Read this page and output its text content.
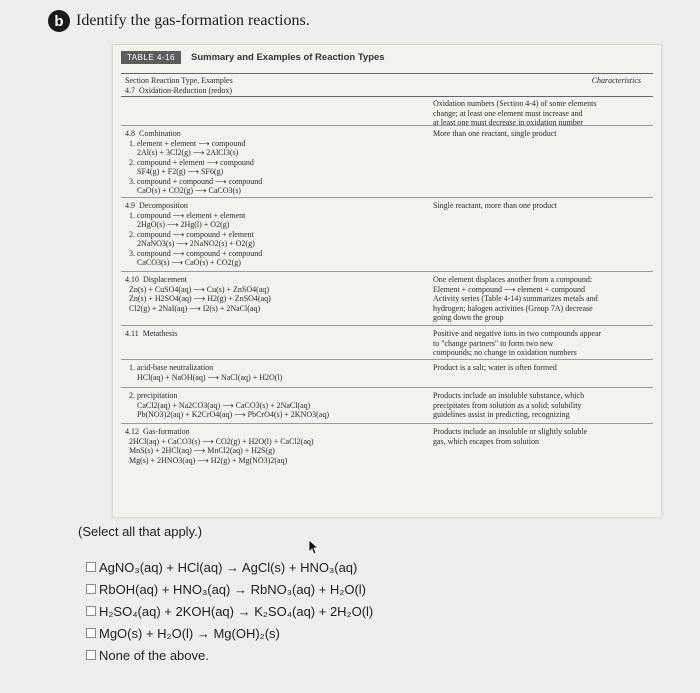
b Identify the gas-formation reactions.
TABLE 4-16	Summary and Examples of Reaction Types
Section Reaction Type, Examples
4.7  Oxidation-Reduction (redox)
Characteristics
Oxidation numbers (Section 4-4) of some elements
change; at least one element must increase and
at least one must decrease in oxidation number
4.8  Combination
1. element + element ⟶ compound
2Al(s) + 3Cl2(g) ⟶ 2AlCl3(s)
2. compound + element ⟶ compound
SF4(g) + F2(g) ⟶ SF6(g)
3. compound + compound ⟶ compound
CaO(s) + CO2(g) ⟶ CaCO3(s)
More than one reactant, single product
4.9  Decomposition
1. compound ⟶ element + element
2HgO(s) ⟶ 2Hg(l) + O2(g)
2. compound ⟶ compound + element
2NaNO3(s) ⟶ 2NaNO2(s) + O2(g)
3. compound ⟶ compound + compound
CaCO3(s) ⟶ CaO(s) + CO2(g)
Single reactant, more than one product
4.10  Displacement
Zn(s) + CuSO4(aq) ⟶ Cu(s) + ZnSO4(aq)
Zn(s) + H2SO4(aq) ⟶ H2(g) + ZnSO4(aq)
Cl2(g) + 2NaI(aq) ⟶ I2(s) + 2NaCl(aq)
One element displaces another from a compound:
Element + compound ⟶ element + compound
Activity series (Table 4-14) summarizes metals and
hydrogen; halogen activities (Group 7A) decrease
going down the group
4.11  Metathesis	Positive and negative ions in two compounds appear
to "change partners" to form two new
compounds; no change in oxidation numbers
1. acid-base neutralization
HCl(aq) + NaOH(aq) ⟶ NaCl(aq) + H2O(l)
Product is a salt; water is often formed
2. precipitation
CaCl2(aq) + Na2CO3(aq) ⟶ CaCO3(s) + 2NaCl(aq)
Pb(NO3)2(aq) + K2CrO4(aq) ⟶ PbCrO4(s) + 2KNO3(aq)
Products include an insoluble substance, which
precipitates from solution as a solid; solubility
guidelines assist in predicting, recognizing
4.12  Gas-formation
2HCl(aq) + CaCO3(s) ⟶ CO2(g) + H2O(l) + CaCl2(aq)
MnS(s) + 2HCl(aq) ⟶ MnCl2(aq) + H2S(g)
Mg(s) + 2HNO3(aq) ⟶ H2(g) + Mg(NO3)2(aq)
Products include an insoluble or slightly soluble
gas, which escapes from solution
(Select all that apply.)
AgNO₃(aq) + HCl(aq) → AgCl(s) + HNO₃(aq)
RbOH(aq) + HNO₃(aq) → RbNO₃(aq) + H₂O(l)
H₂SO₄(aq) + 2KOH(aq) → K₂SO₄(aq) + 2H₂O(l)
MgO(s) + H₂O(l) → Mg(OH)₂(s)
None of the above.
